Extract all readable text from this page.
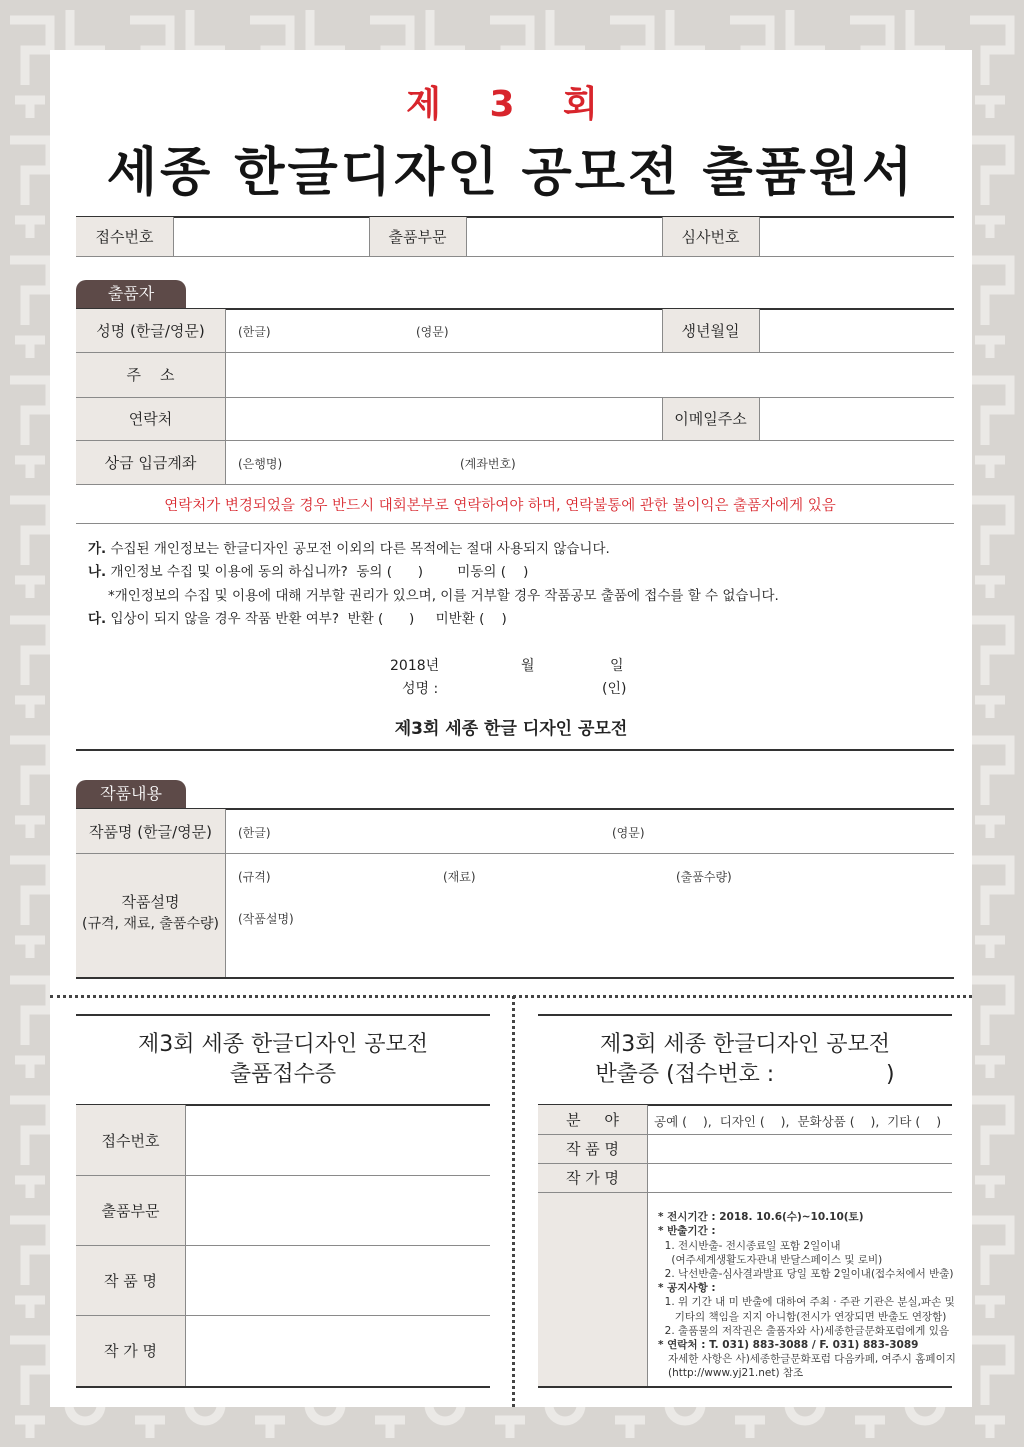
제 3 회
세종 한글디자인 공모전 출품원서
접수번호	출품부문	심사번호
출품자
성명 (한글/영문)	(한글)	(영문)	생년월일
주    소
연락처	이메일주소
상금 입금계좌	(은행명)	(계좌번호)
연락처가 변경되었을 경우 반드시 대회본부로 연락하여야 하며, 연락불통에 관한 불이익은 출품자에게 있음
가. 수집된 개인정보는 한글디자인 공모전 이외의 다른 목적에는 절대 사용되지 않습니다.
나. 개인정보 수집 및 이용에 동의 하십니까?  동의 (      )        미동의 (    )
*개인정보의 수집 및 이용에 대해 거부할 권리가 있으며, 이를 거부할 경우 작품공모 출품에 접수를 할 수 없습니다.
다. 입상이 되지 않을 경우 작품 반환 여부?  반환 (      )     미반환 (    )
2018년	월	일
성명 :	(인)
제3회 세종 한글 디자인 공모전
작품내용
작품명 (한글/영문)	(한글)	(영문)
작품설명
(규격, 재료, 출품수량)
(규격)	(재료)	(출품수량)
(작품설명)
제3회 세종 한글디자인 공모전
출품접수증
접수번호
출품부문
작 품 명
작 가 명
제3회 세종 한글디자인 공모전
반출증 (접수번호 :                )
분     야	공예 (    ),  디자인 (    ),  문화상품 (    ),  기타 (    )
작 품 명
작 가 명

* 전시기간 : 2018. 10.6(수)~10.10(토)
* 반출기간 :
1. 전시반출- 전시종료일 포함 2일이내
(여주세계생활도자관내 반달스페이스 및 로비)
2. 낙선반출-심사결과발표 당일 포함 2일이내(접수처에서 반출)
* 공지사항 :
1. 위 기간 내 미 반출에 대하여 주최 · 주관 기관은 분실,파손 및
기타의 책임을 지지 아니함(전시가 연장되면 반출도 연장함)
2. 출품물의 저작권은 출품자와 사)세종한글문화포럼에게 있음
* 연락처 : T. 031) 883-3088 / F. 031) 883-3089
자세한 사항은 사)세종한글문화포럼 다음카페, 여주시 홈페이지
(http://www.yj21.net) 참조
